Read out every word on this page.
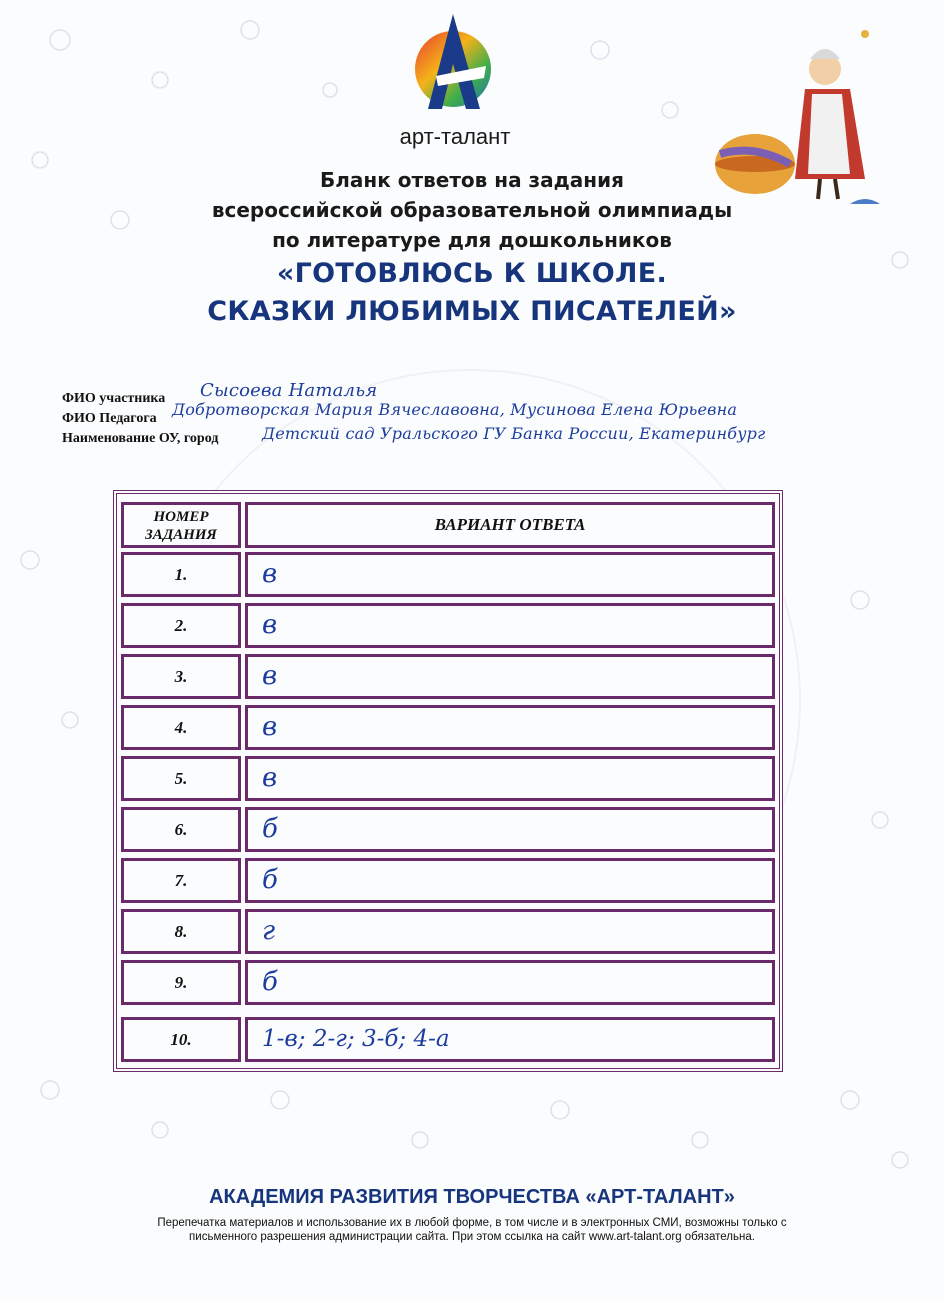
арт-талант
Бланк ответов на задания
всероссийской образовательной олимпиады
по литературе для дошкольников
«ГОТОВЛЮСЬ К ШКОЛЕ.
СКАЗКИ ЛЮБИМЫХ ПИСАТЕЛЕЙ»
ФИО участника Сысоева Наталья
ФИО Педагога Добротворская Мария Вячеславовна, Мусинова Елена Юрьевна
Наименование ОУ, город	Детский сад Уральского ГУ Банка России, Екатеринбург
НОМЕР ЗАДАНИЯ
ВАРИАНТ ОТВЕТА
1.	в
2.	в
3.	в
4.	в
5.	в
6.	б
7.	б
8.	г
9.	б
10.	1-в; 2-г; 3-б; 4-а
АКАДЕМИЯ РАЗВИТИЯ ТВОРЧЕСТВА «АРТ-ТАЛАНТ»
Перепечатка материалов и использование их в любой форме, в том числе и в электронных СМИ, возможны только с
письменного разрешения администрации сайта. При этом ссылка на сайт www.art-talant.org обязательна.
